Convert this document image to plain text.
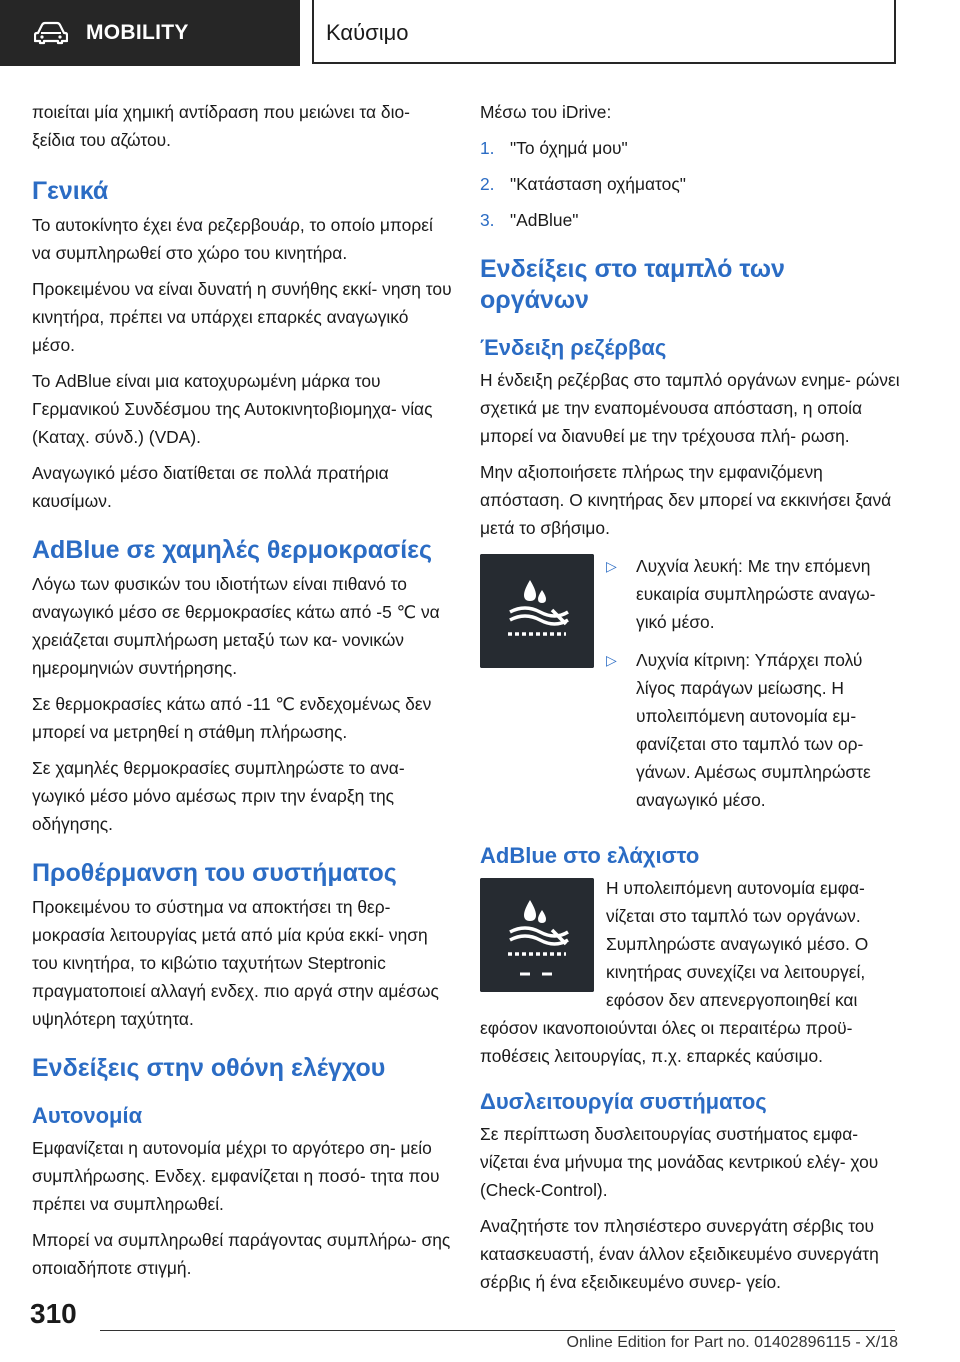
MOBILITY	Καύσιμο

ποιείται μία χημική αντίδραση που μειώνει τα διο- ξείδια του αζώτου.

Γενικά

Το αυτοκίνητο έχει ένα ρεζερβουάρ, το οποίο μπορεί να συμπληρωθεί στο χώρο του κινητήρα.

Προκειμένου να είναι δυνατή η συνήθης εκκί- νηση του κινητήρα, πρέπει να υπάρχει επαρκές αναγωγικό μέσο.

Το AdBlue είναι μια κατοχυρωμένη μάρκα του Γερμανικού Συνδέσμου της Αυτοκινητοβιομηχα- νίας (Καταχ. σύνδ.) (VDA).

Αναγωγικό μέσο διατίθεται σε πολλά πρατήρια καυσίμων.

AdBlue σε χαμηλές θερμοκρασίες

Λόγω των φυσικών του ιδιοτήτων είναι πιθανό το αναγωγικό μέσο σε θερμοκρασίες κάτω από -5 ℃ να χρειάζεται συμπλήρωση μεταξύ των κα- νονικών ημερομηνιών συντήρησης.

Σε θερμοκρασίες κάτω από -11 ℃ ενδεχομένως δεν μπορεί να μετρηθεί η στάθμη πλήρωσης.

Σε χαμηλές θερμοκρασίες συμπληρώστε το ανα- γωγικό μέσο μόνο αμέσως πριν την έναρξη της οδήγησης.

Προθέρμανση του συστήματος

Προκειμένου το σύστημα να αποκτήσει τη θερ- μοκρασία λειτουργίας μετά από μία κρύα εκκί- νηση του κινητήρα, το κιβώτιο ταχυτήτων Steptronic πραγματοποιεί αλλαγή ενδεχ. πιο αργά στην αμέσως υψηλότερη ταχύτητα.

Ενδείξεις στην οθόνη ελέγχου
Αυτονομία

Εμφανίζεται η αυτονομία μέχρι το αργότερο ση- μείο συμπλήρωσης. Ενδεχ. εμφανίζεται η ποσό- τητα που πρέπει να συμπληρωθεί.

Μπορεί να συμπληρωθεί παράγοντας συμπλήρω- σης οποιαδήποτε στιγμή.

Μέσω του iDrive:

1. "Το όχημά μου"
2. "Κατάσταση οχήματος"
3. "AdBlue"
Ενδείξεις στο ταμπλό των οργάνων
Ένδειξη ρεζέρβας

Η ένδειξη ρεζέρβας στο ταμπλό οργάνων ενημε- ρώνει σχετικά με την εναπομένουσα απόσταση, η οποία μπορεί να διανυθεί με την τρέχουσα πλή- ρωση.

Μην αξιοποιήσετε πλήρως την εμφανιζόμενη απόσταση. Ο κινητήρας δεν μπορεί να εκκινήσει ξανά μετά το σβήσιμο.

▷	Λυχνία λευκή: Με την επόμενη ευκαιρία συμπληρώστε αναγω- γικό μέσο.
▷	Λυχνία κίτρινη: Υπάρχει πολύ λίγος παράγων μείωσης. Η υπολειπόμενη αυτονομία εμ- φανίζεται στο ταμπλό των ορ- γάνων. Αμέσως συμπληρώστε αναγωγικό μέσο.
AdBlue στο ελάχιστο

Η υπολειπόμενη αυτονομία εμφα- νίζεται στο ταμπλό των οργάνων. Συμπληρώστε αναγωγικό μέσο. Ο κινητήρας συνεχίζει να λειτουργεί, εφόσον δεν απενεργοποιηθεί και εφόσον ικανοποιούνται όλες οι περαιτέρω προϋ- ποθέσεις λειτουργίας, π.χ. επαρκές καύσιμο.

Δυσλειτουργία συστήματος

Σε περίπτωση δυσλειτουργίας συστήματος εμφα- νίζεται ένα μήνυμα της μονάδας κεντρικού ελέγ- χου (Check-Control).

Αναζητήστε τον πλησιέστερο συνεργάτη σέρβις του κατασκευαστή, έναν άλλον εξειδικευμένο συνεργάτη σέρβις ή ένα εξειδικευμένο συνερ- γείο.

310
Online Edition for Part no. 01402896115 - X/18
